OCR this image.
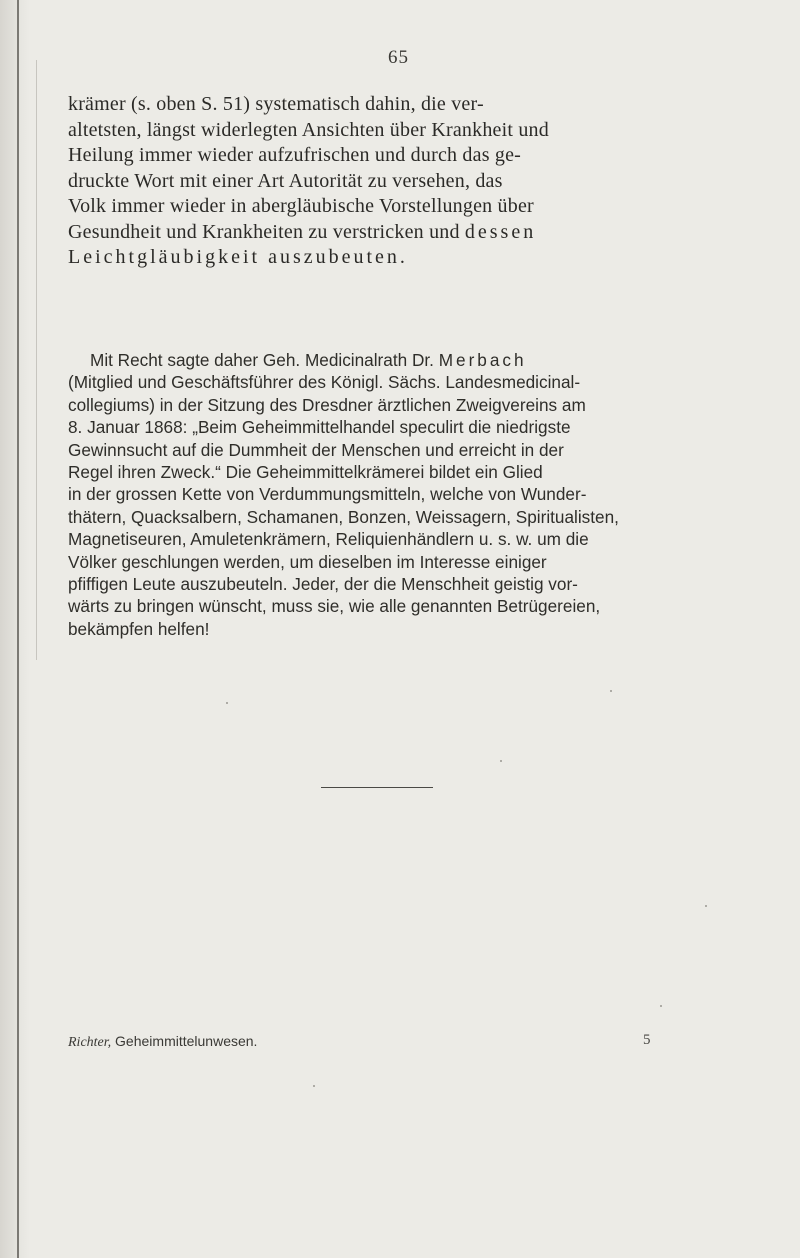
65
krämer (s. oben S. 51) systematisch dahin, die ver-
altetsten, längst widerlegten Ansichten über Krankheit und
Heilung immer wieder aufzufrischen und durch das ge-
druckte Wort mit einer Art Autorität zu versehen, das
Volk immer wieder in abergläubische Vorstellungen über
Gesundheit und Krankheiten zu verstricken und dessen
Leichtgläubigkeit auszubeuten.
Mit Recht sagte daher Geh. Medicinalrath Dr. Merbach
(Mitglied und Geschäftsführer des Königl. Sächs. Landesmedicinal-
collegiums) in der Sitzung des Dresdner ärztlichen Zweigvereins am
8. Januar 1868: „Beim Geheimmittelhandel speculirt die niedrigste
Gewinnsucht auf die Dummheit der Menschen und erreicht in der
Regel ihren Zweck.“ Die Geheimmittelkrämerei bildet ein Glied
in der grossen Kette von Verdummungsmitteln, welche von Wunder-
thätern, Quacksalbern, Schamanen, Bonzen, Weissagern, Spiritualisten,
Magnetiseuren, Amuletenkrämern, Reliquienhändlern u. s. w. um die
Völker geschlungen werden, um dieselben im Interesse einiger
pfiffigen Leute auszubeuteln. Jeder, der die Menschheit geistig vor-
wärts zu bringen wünscht, muss sie, wie alle genannten Betrügereien,
bekämpfen helfen!
Richter, Geheimmittelunwesen.	5
